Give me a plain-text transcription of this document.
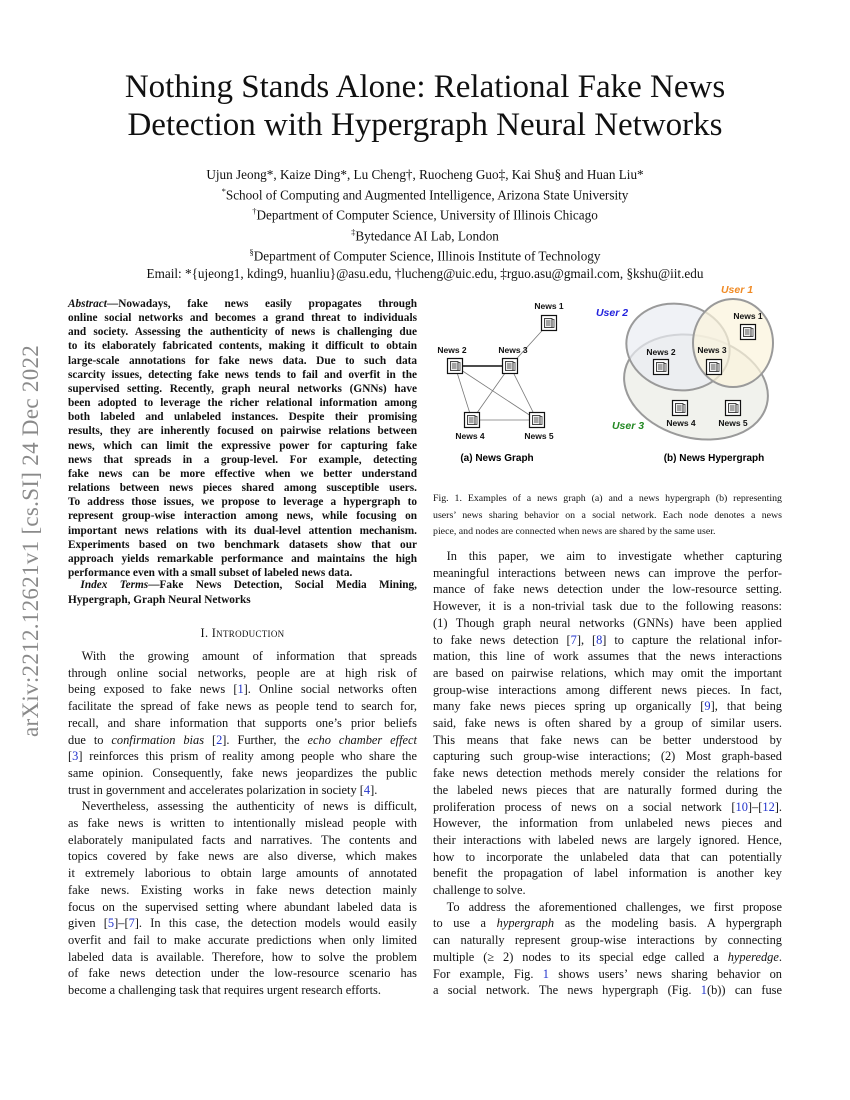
Nothing Stands Alone: Relational Fake News
Detection with Hypergraph Neural Networks
Ujun Jeong*, Kaize Ding*, Lu Cheng†, Ruocheng Guo‡, Kai Shu§ and Huan Liu*
*School of Computing and Augmented Intelligence, Arizona State University
†Department of Computer Science, University of Illinois Chicago
‡Bytedance AI Lab, London
§Department of Computer Science, Illinois Institute of Technology
Email: *{ujeong1, kding9, huanliu}@asu.edu, †lucheng@uic.edu, ‡rguo.asu@gmail.com, §kshu@iit.edu
arXiv:2212.12621v1 [cs.SI] 24 Dec 2022
Abstract—Nowadays, fake news easily propagates through
online social networks and becomes a grand threat to individuals
and society. Assessing the authenticity of news is challenging due
to its elaborately fabricated contents, making it difficult to obtain
large-scale annotations for fake news data. Due to such data
scarcity issues, detecting fake news tends to fail and overfit in the
supervised setting. Recently, graph neural networks (GNNs) have
been adopted to leverage the richer relational information among
both labeled and unlabeled instances. Despite their promising
results, they are inherently focused on pairwise relations between
news, which can limit the expressive power for capturing fake
news that spreads in a group-level. For example, detecting
fake news can be more effective when we better understand
relations between news pieces shared among susceptible users.
To address those issues, we propose to leverage a hypergraph to
represent group-wise interaction among news, while focusing on
important news relations with its dual-level attention mechanism.
Experiments based on two benchmark datasets show that our
approach yields remarkable performance and maintains the high
performance even with a small subset of labeled news data.
Index Terms—Fake News Detection, Social Media Mining,
Hypergraph, Graph Neural Networks
I. Introduction
With the growing amount of information that spreads
through online social networks, people are at high risk of
being exposed to fake news [1]. Online social networks often
facilitate the spread of fake news as people tend to search for,
recall, and share information that supports one’s prior beliefs
due to confirmation bias [2]. Further, the echo chamber effect
[3] reinforces this prism of reality among people who share the
same opinion. Consequently, fake news jeopardizes the public
trust in government and accelerates polarization in society [4].
Nevertheless, assessing the authenticity of news is difficult,
as fake news is written to intentionally mislead people with
elaborately manipulated facts and narratives. The contents and
topics covered by fake news are also diverse, which makes
it extremely laborious to obtain large amounts of annotated
fake news. Existing works in fake news detection mainly
focus on the supervised setting where abundant labeled data is
given [5]–[7]. In this case, the detection models would easily
overfit and fail to make accurate predictions when only limited
labeled data is available. Therefore, how to solve the problem
of fake news detection under the low-resource scenario has
become a challenging task that requires urgent research efforts.
News 1
News 2	News 3
News 4	News 5
News 1
News 2	News 3
News 4	News 5
User 1
User 2
User 3
(a) News Graph	(b) News Hypergraph
Fig. 1. Examples of a news graph (a) and a news hypergraph (b) representing
users’ news sharing behavior on a social network. Each node denotes a news
piece, and nodes are connected when news are shared by the same user.
In this paper, we aim to investigate whether capturing
meaningful interactions between news can improve the perfor-
mance of fake news detection under the low-resource setting.
However, it is a non-trivial task due to the following reasons:
(1) Though graph neural networks (GNNs) have been applied
to fake news detection [7], [8] to capture the relational infor-
mation, this line of work assumes that the news interactions
are based on pairwise relations, which may omit the important
group-wise interactions among different news pieces. In fact,
many fake news pieces spring up organically [9], that being
said, fake news is often shared by a group of similar users.
This means that fake news can be better understood by
capturing such group-wise interactions; (2) Most graph-based
fake news detection methods merely consider the relations for
the labeled news pieces that are naturally formed during the
proliferation process of news on a social network [10]–[12].
However, the information from unlabeled news pieces and
their interactions with labeled news are largely ignored. Hence,
how to incorporate the unlabeled data that can potentially
benefit the propagation of label information is another key
challenge to solve.
To address the aforementioned challenges, we first propose
to use a hypergraph as the modeling basis. A hypergraph
can naturally represent group-wise interactions by connecting
multiple (≥ 2) nodes to its special edge called a hyperedge.
For example, Fig. 1 shows users’ news sharing behavior on
a social network. The news hypergraph (Fig. 1(b)) can fuse
